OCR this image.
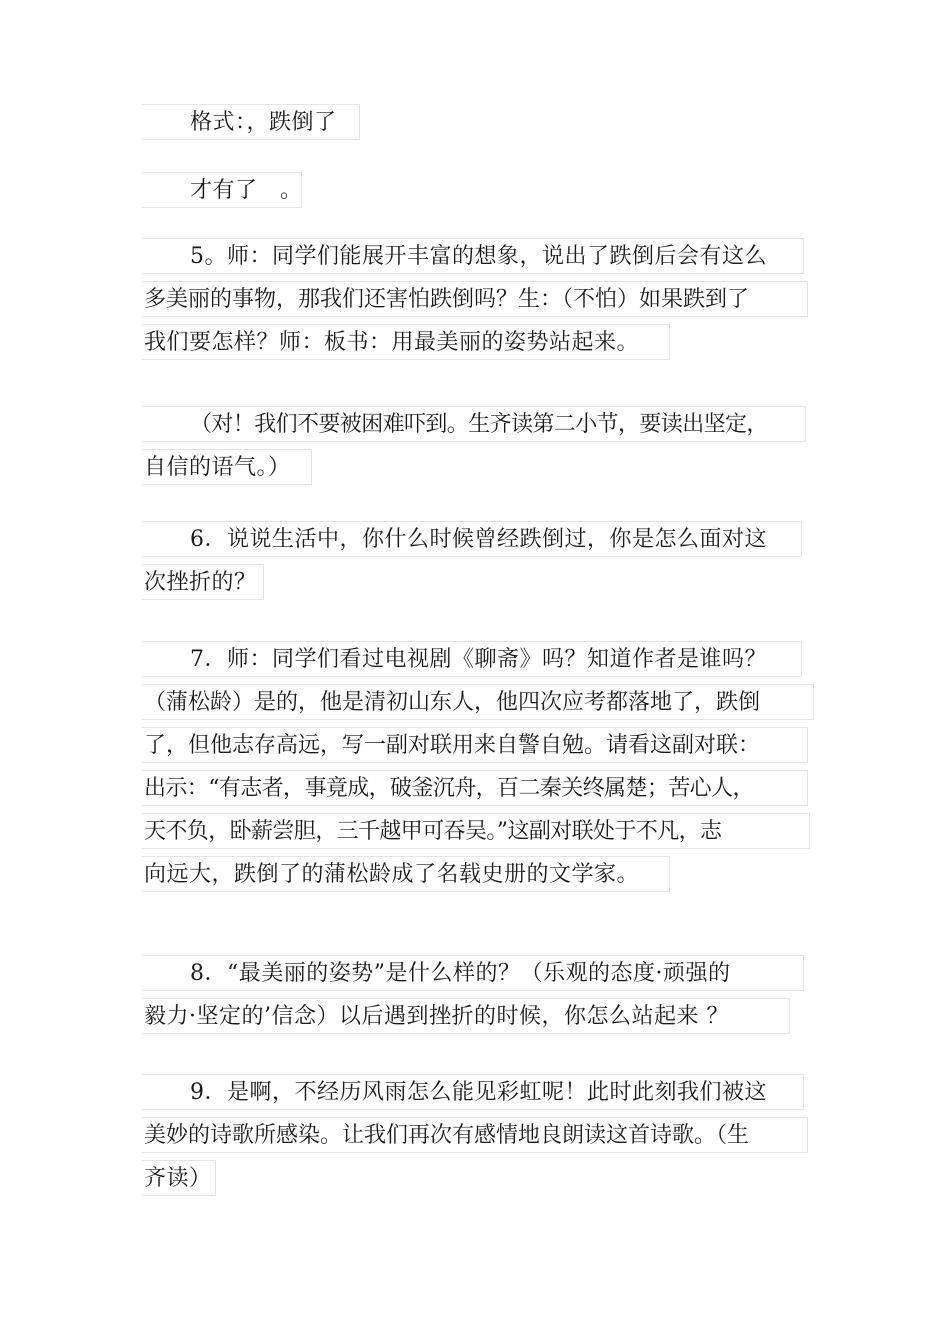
格式：，跌倒了
才有了　。
5。师：同学们能展开丰富的想象，说出了跌倒后会有这么
多美丽的事物，那我们还害怕跌倒吗？生：（不怕）如果跌到了
我们要怎样？师：板书：用最美丽的姿势站起来。
（对！我们不要被困难吓到。生齐读第二小节，要读出坚定，
自信的语气。）
6．说说生活中，你什么时候曾经跌倒过，你是怎么面对这
次挫折的？
7．师：同学们看过电视剧《聊斋》吗？知道作者是谁吗？
（蒲松龄）是的，他是清初山东人，他四次应考都落地了，跌倒
了，但他志存高远，写一副对联用来自警自勉。请看这副对联：
出示：“有志者，事竟成，破釜沉舟，百二秦关终属楚；苦心人，
天不负，卧薪尝胆，三千越甲可吞吴。”这副对联处于不凡，志
向远大，跌倒了的蒲松龄成了名载史册的文学家。
8．“最美丽的姿势”是什么样的？（乐观的态度·顽强的
毅力·坚定的’信念）以后遇到挫折的时候，你怎么站起来 ？
9．是啊，不经历风雨怎么能见彩虹呢！此时此刻我们被这
美妙的诗歌所感染。让我们再次有感情地良朗读这首诗歌。（生
齐读）
